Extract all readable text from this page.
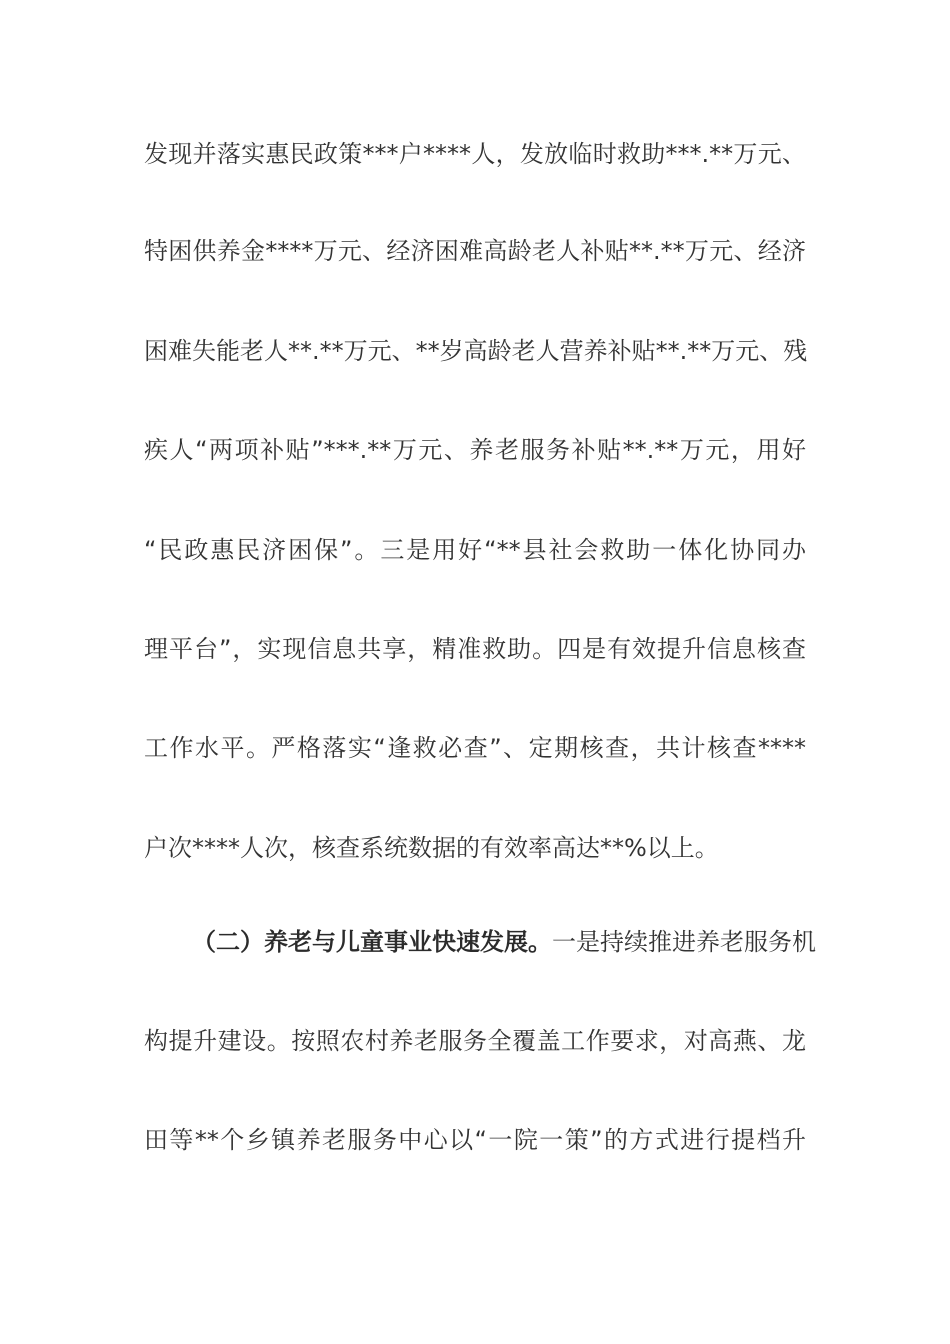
发现并落实惠民政策***户****人，发放临时救助***.**万元、
特困供养金****万元、经济困难高龄老人补贴**.**万元、经济
困难失能老人**.**万元、**岁高龄老人营养补贴**.**万元、残
疾人“两项补贴”***.**万元、养老服务补贴**.**万元，用好
“民政惠民济困保”。三是用好“**县社会救助一体化协同办
理平台”，实现信息共享，精准救助。四是有效提升信息核查
工作水平。严格落实“逢救必查”、定期核查，共计核查****
户次****人次，核查系统数据的有效率高达**%以上。
（二）养老与儿童事业快速发展。一是持续推进养老服务机
构提升建设。按照农村养老服务全覆盖工作要求，对高燕、龙
田等**个乡镇养老服务中心以“一院一策”的方式进行提档升
